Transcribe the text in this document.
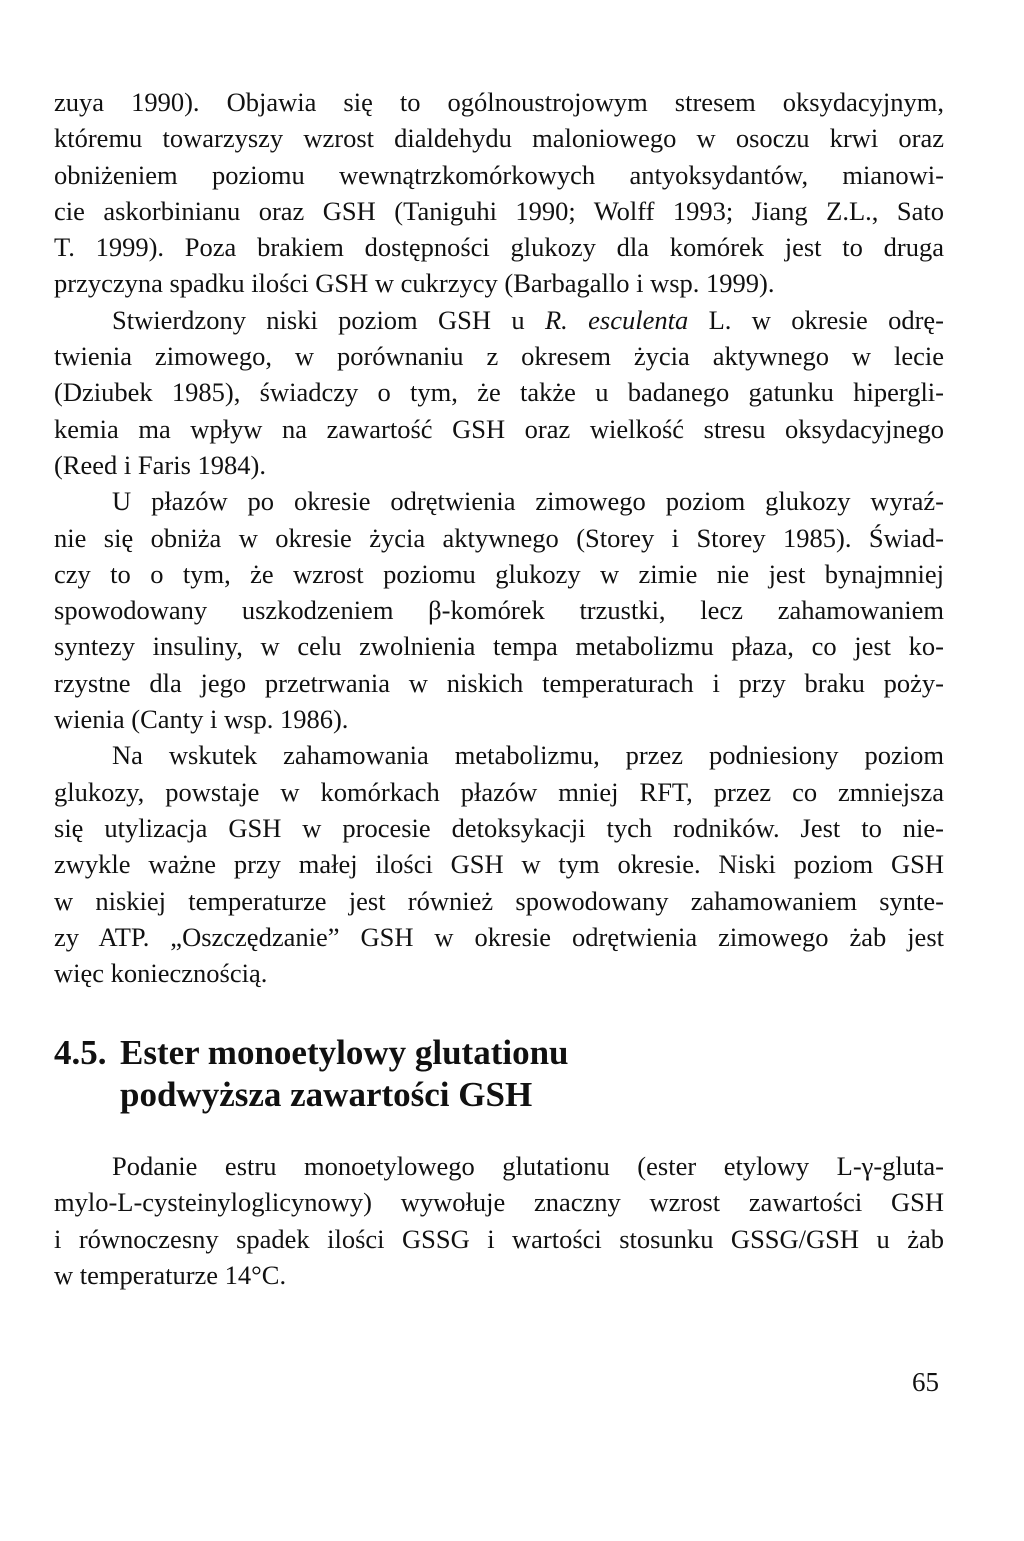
zuya 1990). Objawia się to ogólnoustrojowym stresem oksydacyjnym,
któremu towarzyszy wzrost dialdehydu maloniowego w osoczu krwi oraz
obniżeniem poziomu wewnątrzkomórkowych antyoksydantów, mianowi-
cie askorbinianu oraz GSH (Taniguhi 1990; Wolff 1993; Jiang Z.L., Sato
T. 1999). Poza brakiem dostępności glukozy dla komórek jest to druga
przyczyna spadku ilości GSH w cukrzycy (Barbagallo i wsp. 1999).

Stwierdzony niski poziom GSH u R. esculenta L. w okresie odrę-
twienia zimowego, w porównaniu z okresem życia aktywnego w lecie
(Dziubek 1985), świadczy o tym, że także u badanego gatunku hipergli-
kemia ma wpływ na zawartość GSH oraz wielkość stresu oksydacyjnego
(Reed i Faris 1984).

U płazów po okresie odrętwienia zimowego poziom glukozy wyraź-
nie się obniża w okresie życia aktywnego (Storey i Storey 1985). Świad-
czy to o tym, że wzrost poziomu glukozy w zimie nie jest bynajmniej
spowodowany uszkodzeniem β-komórek trzustki, lecz zahamowaniem
syntezy insuliny, w celu zwolnienia tempa metabolizmu płaza, co jest ko-
rzystne dla jego przetrwania w niskich temperaturach i przy braku poży-
wienia (Canty i wsp. 1986).

Na wskutek zahamowania metabolizmu, przez podniesiony poziom
glukozy, powstaje w komórkach płazów mniej RFT, przez co zmniejsza
się utylizacja GSH w procesie detoksykacji tych rodników. Jest to nie-
zwykle ważne przy małej ilości GSH w tym okresie. Niski poziom GSH
w niskiej temperaturze jest również spowodowany zahamowaniem synte-
zy ATP. „Oszczędzanie” GSH w okresie odrętwienia zimowego żab jest
więc koniecznością.

4.5. Ester monoetylowy glutationu
podwyższa zawartości GSH

Podanie estru monoetylowego glutationu (ester etylowy L-γ-gluta-
mylo-L-cysteinyloglicynowy) wywołuje znaczny wzrost zawartości GSH
i równoczesny spadek ilości GSSG i wartości stosunku GSSG/GSH u żab
w temperaturze 14°C.

65
